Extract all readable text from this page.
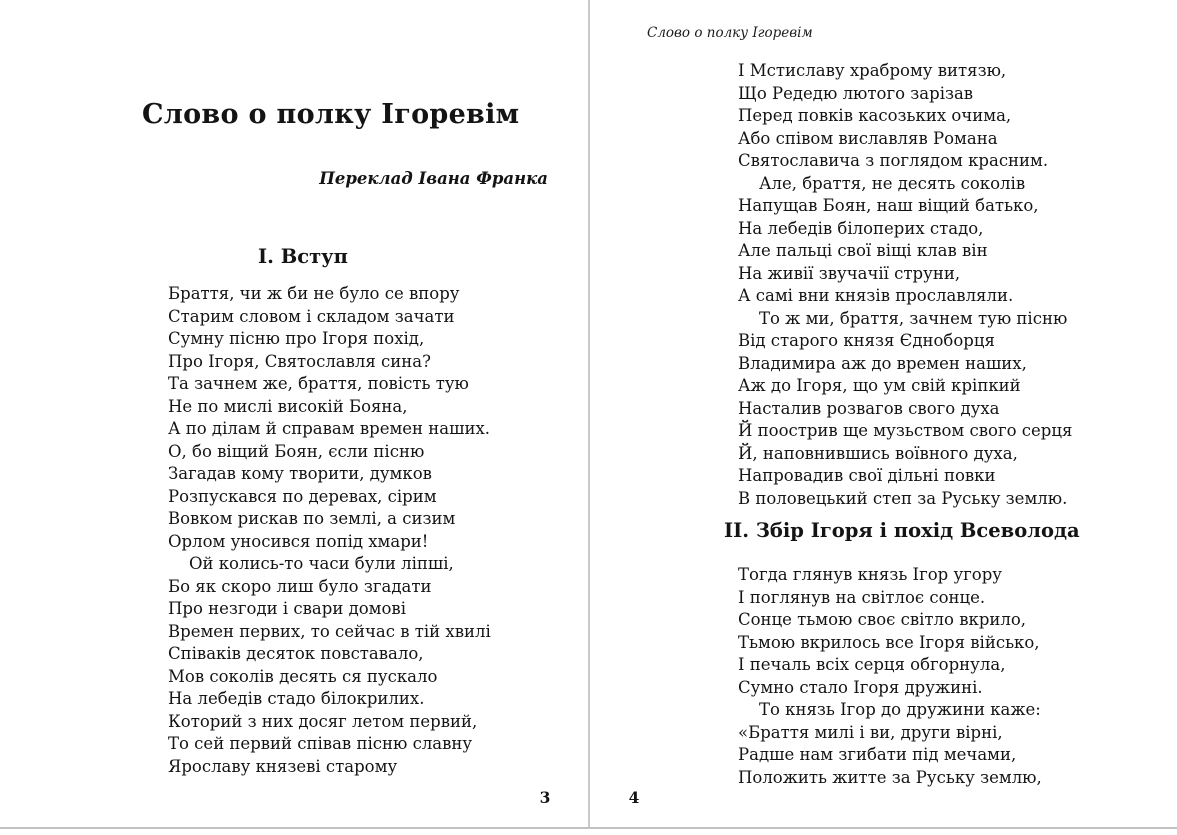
Слово о полку Ігоревім
Переклад Івана Франка
І. Вступ
Браття, чи ж би не було се впору
Старим словом і складом зачати
Сумну пісню про Ігоря похід,
Про Ігоря, Святославля сина?
Та зачнем же, браття, повість тую
Не по мислі високій Бояна,
А по ділам й справам времен наших.
О, бо віщий Боян, єсли пісню
Загадав кому творити, думков
Розпускався по деревах, сірим
Вовком рискав по землі, а сизим
Орлом уносився попід хмари!
Ой колись-то часи були ліпші,
Бо як скоро лиш було згадати
Про незгоди і свари домові
Времен первих, то сейчас в тій хвилі
Співаків десяток повставало,
Мов соколів десять ся пускало
На лебедів стадо білокрилих.
Которий з них досяг летом первий,
То сей первий співав пісню славну
Ярославу князеві старому
3
Слово о полку Ігоревім
І Мстиславу храброму витязю,
Що Редедю лютого зарізав
Перед повків касозьких очима,
Або співом виславляв Романа
Святославича з поглядом красним.
Але, браття, не десять соколів
Напущав Боян, наш віщий батько,
На лебедів білоперих стадо,
Але пальці свої віщі клав він
На живії звучачії струни,
А самі вни князів прославляли.
То ж ми, браття, зачнем тую пісню
Від старого князя Єдноборця
Владимира аж до времен наших,
Аж до Ігоря, що ум свій кріпкий
Насталив розвагов свого духа
Й поострив ще музьством свого серця
Й, наповнившись воївного духа,
Напровадив свої дільні повки
В половецький степ за Руську землю.
ІІ. Збір Ігоря і похід Всеволода
Тогда глянув князь Ігор угору
І поглянув на світлоє сонце.
Сонце тьмою своє світло вкрило,
Тьмою вкрилось все Ігоря військо,
І печаль всіх серця обгорнула,
Сумно стало Ігоря дружині.
То князь Ігор до дружини каже:
«Браття милі і ви, други вірні,
Радше нам згибати під мечами,
Положить житте за Руську землю,
4
